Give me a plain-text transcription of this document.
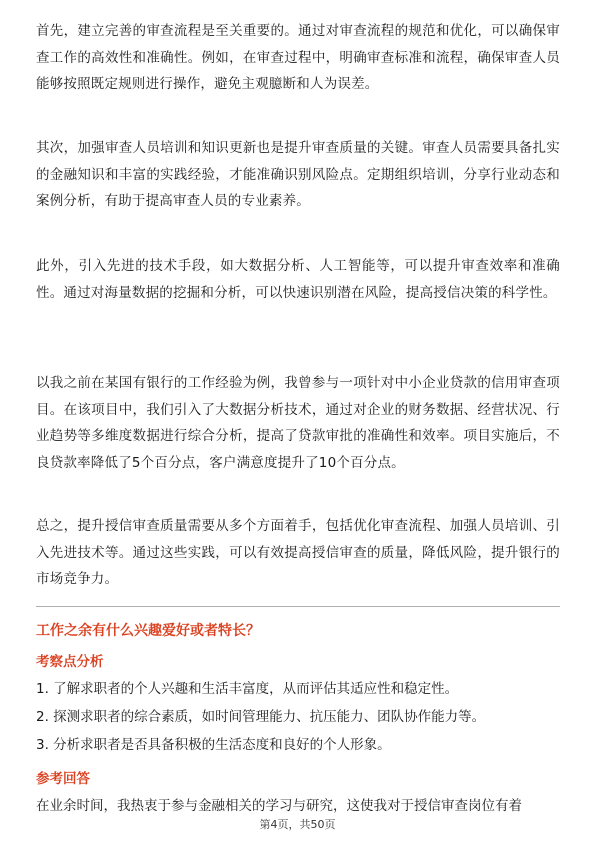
首先，建立完善的审查流程是至关重要的。通过对审查流程的规范和优化，可以确保审查工作的高效性和准确性。例如，在审查过程中，明确审查标准和流程，确保审查人员能够按照既定规则进行操作，避免主观臆断和人为误差。

其次，加强审查人员培训和知识更新也是提升审查质量的关键。审查人员需要具备扎实的金融知识和丰富的实践经验，才能准确识别风险点。定期组织培训，分享行业动态和案例分析，有助于提高审查人员的专业素养。

此外，引入先进的技术手段，如大数据分析、人工智能等，可以提升审查效率和准确性。通过对海量数据的挖掘和分析，可以快速识别潜在风险，提高授信决策的科学性。

以我之前在某国有银行的工作经验为例，我曾参与一项针对中小企业贷款的信用审查项目。在该项目中，我们引入了大数据分析技术，通过对企业的财务数据、经营状况、行业趋势等多维度数据进行综合分析，提高了贷款审批的准确性和效率。项目实施后，不良贷款率降低了5个百分点，客户满意度提升了10个百分点。

总之，提升授信审查质量需要从多个方面着手，包括优化审查流程、加强人员培训、引入先进技术等。通过这些实践，可以有效提高授信审查的质量，降低风险，提升银行的市场竞争力。

工作之余有什么兴趣爱好或者特长？

考察点分析

1. 了解求职者的个人兴趣和生活丰富度，从而评估其适应性和稳定性。

2. 探测求职者的综合素质，如时间管理能力、抗压能力、团队协作能力等。

3. 分析求职者是否具备积极的生活态度和良好的个人形象。

参考回答

在业余时间，我热衷于参与金融相关的学习与研究，这使我对于授信审查岗位有着

第4页，共50页
